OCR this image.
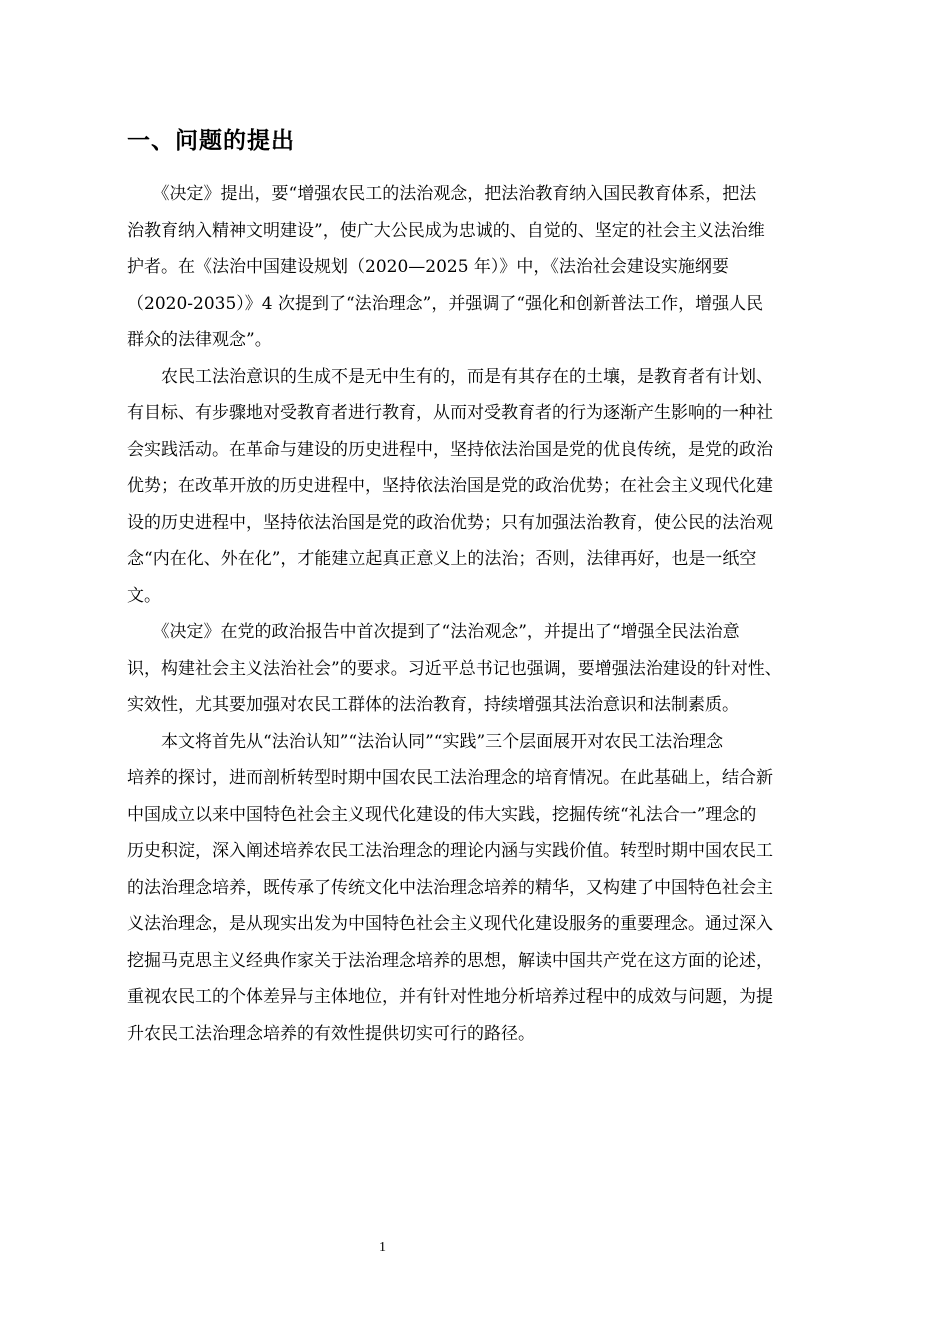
一、问题的提出

　　《决定》提出，要“增强农民工的法治观念，把法治教育纳入国民教育体系，把法
治教育纳入精神文明建设”，使广大公民成为忠诚的、自觉的、坚定的社会主义法治维
护者。在《法治中国建设规划（2020—2025 年）》中，《法治社会建设实施纲要
（2020-2035）》4 次提到了“法治理念”，并强调了“强化和创新普法工作，增强人民
群众的法律观念”。

　　农民工法治意识的生成不是无中生有的，而是有其存在的土壤，是教育者有计划、
有目标、有步骤地对受教育者进行教育，从而对受教育者的行为逐渐产生影响的一种社
会实践活动。在革命与建设的历史进程中，坚持依法治国是党的优良传统，是党的政治
优势；在改革开放的历史进程中，坚持依法治国是党的政治优势；在社会主义现代化建
设的历史进程中，坚持依法治国是党的政治优势；只有加强法治教育，使公民的法治观
念“内在化、外在化”，才能建立起真正意义上的法治；否则，法律再好，也是一纸空
文。

　　《决定》在党的政治报告中首次提到了“法治观念”，并提出了“增强全民法治意
识，构建社会主义法治社会”的要求。习近平总书记也强调，要增强法治建设的针对性、
实效性，尤其要加强对农民工群体的法治教育，持续增强其法治意识和法制素质。

　　本文将首先从“法治认知”“法治认同”“实践”三个层面展开对农民工法治理念
培养的探讨，进而剖析转型时期中国农民工法治理念的培育情况。在此基础上，结合新
中国成立以来中国特色社会主义现代化建设的伟大实践，挖掘传统“礼法合一”理念的
历史积淀，深入阐述培养农民工法治理念的理论内涵与实践价值。转型时期中国农民工
的法治理念培养，既传承了传统文化中法治理念培养的精华，又构建了中国特色社会主
义法治理念，是从现实出发为中国特色社会主义现代化建设服务的重要理念。通过深入
挖掘马克思主义经典作家关于法治理念培养的思想，解读中国共产党在这方面的论述，
重视农民工的个体差异与主体地位，并有针对性地分析培养过程中的成效与问题，为提
升农民工法治理念培养的有效性提供切实可行的路径。

1
